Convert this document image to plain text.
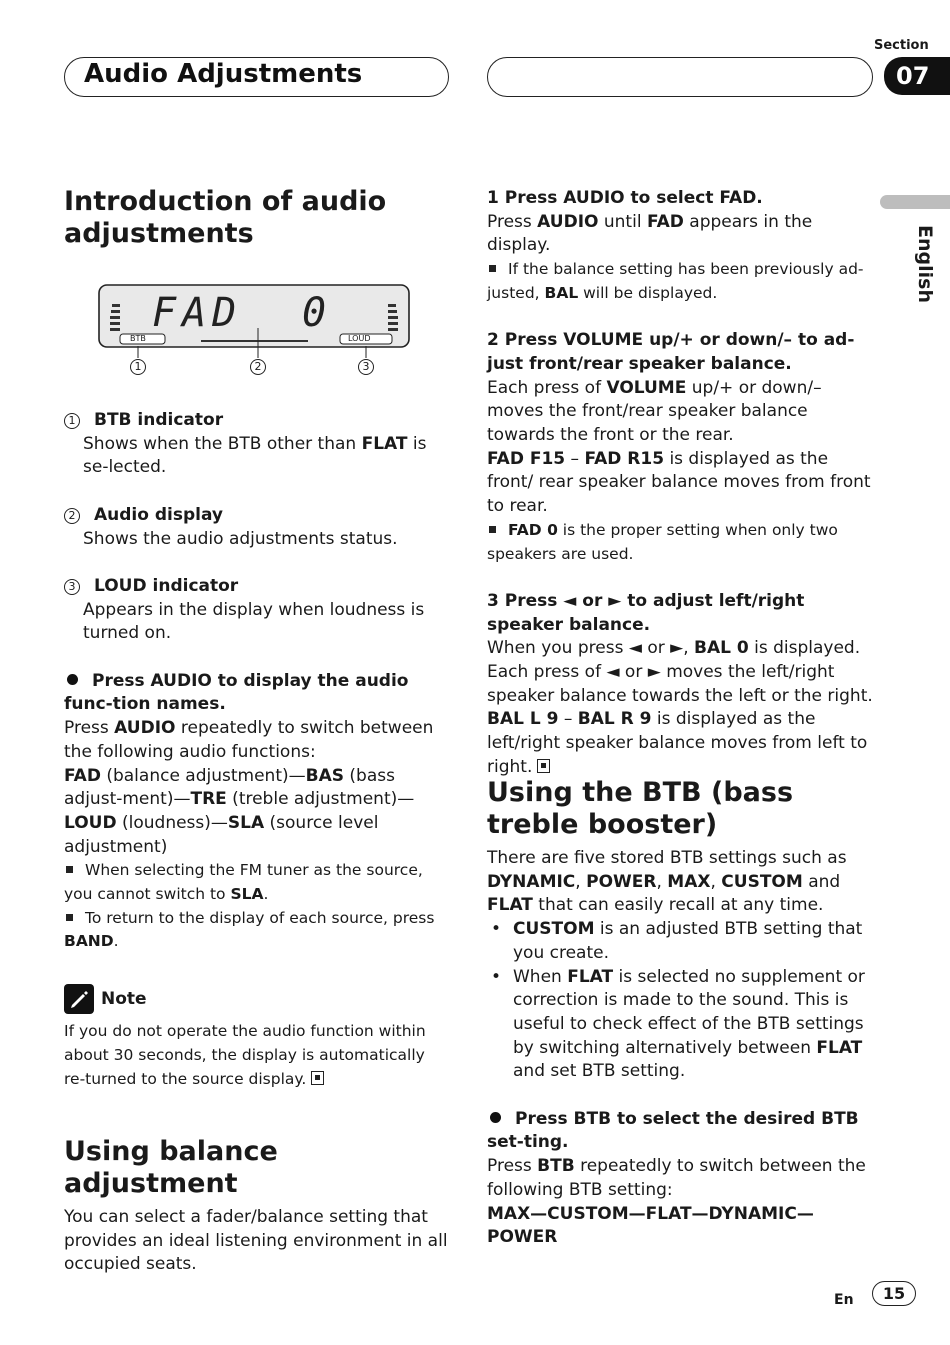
Audio Adjustments
Section
07
English
Introduction of audio adjustments
FAD 0
BTB	LOUD
1	2	3

1 BTB indicator

Shows when the BTB other than FLAT is se-lected.

2 Audio display

Shows the audio adjustments status.

3 LOUD indicator

Appears in the display when loudness is turned on.

Press AUDIO to display the audio func-tion names.

Press AUDIO repeatedly to switch between the following audio functions:

FAD (balance adjustment)—BAS (bass adjust-ment)—TRE (treble adjustment)—LOUD (loudness)—SLA (source level adjustment)

When selecting the FM tuner as the source, you cannot switch to SLA.

To return to the display of each source, press BAND.

Note

If you do not operate the audio function within about 30 seconds, the display is automatically re-turned to the source display.

Using balance adjustment

You can select a fader/balance setting that provides an ideal listening environment in all occupied seats.

1 Press AUDIO to select FAD.

Press AUDIO until FAD appears in the display.

If the balance setting has been previously ad-justed, BAL will be displayed.

2 Press VOLUME up/+ or down/– to ad-just front/rear speaker balance.

Each press of VOLUME up/+ or down/– moves the front/rear speaker balance towards the front or the rear.

FAD F15 – FAD R15 is displayed as the front/ rear speaker balance moves from front to rear.

FAD 0 is the proper setting when only two speakers are used.

3 Press ◄ or ► to adjust left/right speaker balance.

When you press ◄ or ►, BAL 0 is displayed.

Each press of ◄ or ► moves the left/right speaker balance towards the left or the right.

BAL L 9 – BAL R 9 is displayed as the left/right speaker balance moves from left to right.

Using the BTB (bass treble booster)

There are five stored BTB settings such as DYNAMIC, POWER, MAX, CUSTOM and FLAT that can easily recall at any time.

• CUSTOM is an adjusted BTB setting that you create.

• When FLAT is selected no supplement or correction is made to the sound. This is useful to check effect of the BTB settings by switching alternatively between FLAT and set BTB setting.

Press BTB to select the desired BTB set-ting.

Press BTB repeatedly to switch between the following BTB setting:

MAX—CUSTOM—FLAT—DYNAMIC— POWER

En 15
